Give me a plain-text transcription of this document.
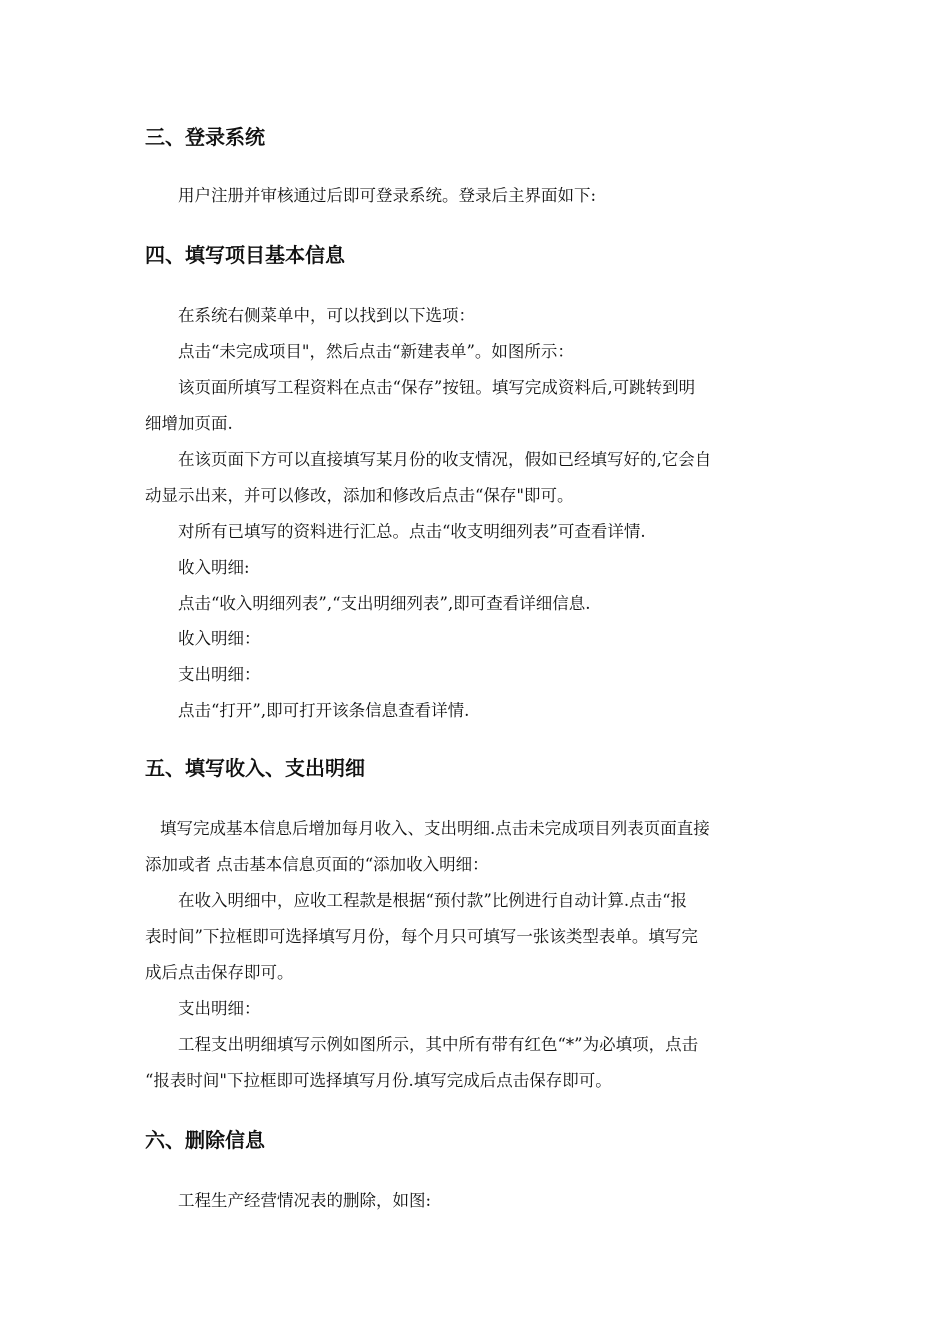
三、登录系统

用户注册并审核通过后即可登录系统。登录后主界面如下:

四、填写项目基本信息

在系统右侧菜单中，可以找到以下选项：

点击“未完成项目"，然后点击“新建表单”。如图所示：

该页面所填写工程资料在点击“保存”按钮。填写完成资料后,可跳转到明

细增加页面.

在该页面下方可以直接填写某月份的收支情况，假如已经填写好的,它会自

动显示出来，并可以修改，添加和修改后点击“保存"即可。

对所有已填写的资料进行汇总。点击“收支明细列表”可查看详情.

收入明细:

点击“收入明细列表”,“支出明细列表”,即可查看详细信息.

收入明细：

支出明细：

点击“打开”,即可打开该条信息查看详情.

五、填写收入、支出明细

填写完成基本信息后增加每月收入、支出明细.点击未完成项目列表页面直接

添加或者 点击基本信息页面的“添加收入明细：

在收入明细中，应收工程款是根据“预付款”比例进行自动计算.点击“报

表时间”下拉框即可选择填写月份，每个月只可填写一张该类型表单。填写完

成后点击保存即可。

支出明细：

工程支出明细填写示例如图所示，其中所有带有红色“*”为必填项，点击

“报表时间"下拉框即可选择填写月份.填写完成后点击保存即可。

六、删除信息

工程生产经营情况表的删除，如图:
